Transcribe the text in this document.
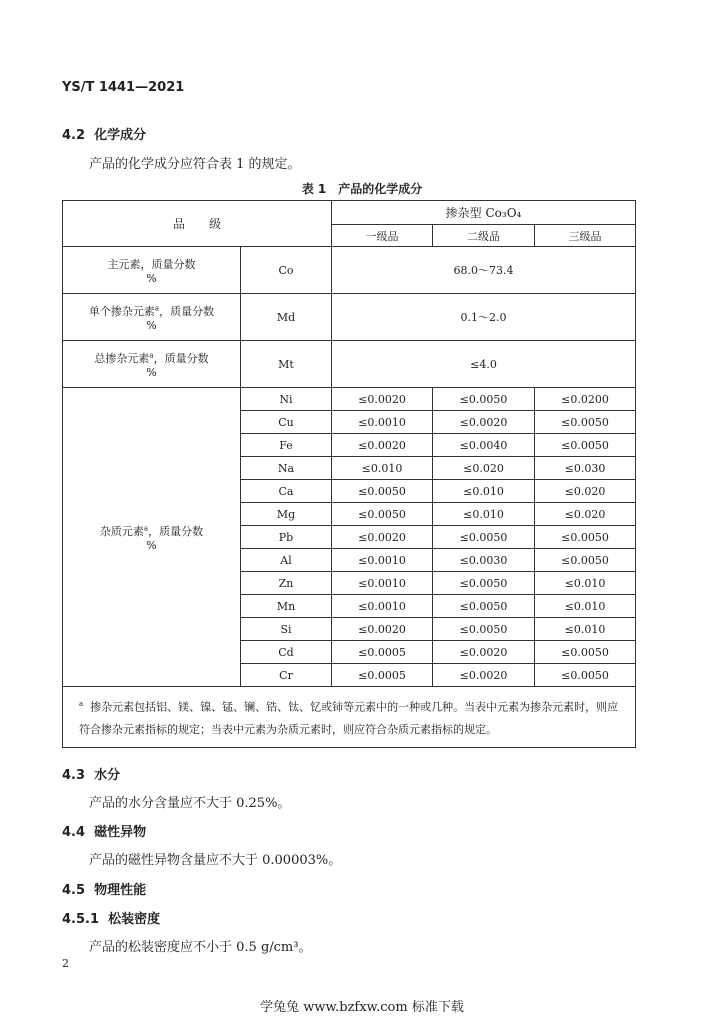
YS/T 1441—2021
4.2 化学成分
产品的化学成分应符合表 1 的规定。
表 1　产品的化学成分
品　　级		掺杂型 Co₃O₄		
		一级品	二级品	三级品
主元素，质量分数
%	Co	68.0～73.4		
单个掺杂元素$^a$，质量分数
%	Md	0.1～2.0		
总掺杂元素$^a$，质量分数
%	Mt	≤4.0		
杂质元素$^a$，质量分数
%	Ni	≤0.0020	≤0.0050	≤0.0200
	Cu	≤0.0010	≤0.0020	≤0.0050
	Fe	≤0.0020	≤0.0040	≤0.0050
	Na	≤0.010	≤0.020	≤0.030
	Ca	≤0.0050	≤0.010	≤0.020
	Mg	≤0.0050	≤0.010	≤0.020
	Pb	≤0.0020	≤0.0050	≤0.0050
	Al	≤0.0010	≤0.0030	≤0.0050
	Zn	≤0.0010	≤0.0050	≤0.010
	Mn	≤0.0010	≤0.0050	≤0.010
	Si	≤0.0020	≤0.0050	≤0.010
	Cd	≤0.0005	≤0.0020	≤0.0050
	Cr	≤0.0005	≤0.0020	≤0.0050
$^a$ 掺杂元素包括铝、镁、镍、锰、镧、锆、钛、钇或铈等元素中的一种或几种。当表中元素为掺杂元素时，则应符合掺杂元素指标的规定；当表中元素为杂质元素时，则应符合杂质元素指标的规定。				
4.3 水分
产品的水分含量应不大于 0.25%。
4.4 磁性异物
产品的磁性异物含量应不大于 0.00003%。
4.5 物理性能
4.5.1 松装密度
产品的松装密度应不小于 0.5 g/cm³。
2
学兔兔 www.bzfxw.com 标准下载
